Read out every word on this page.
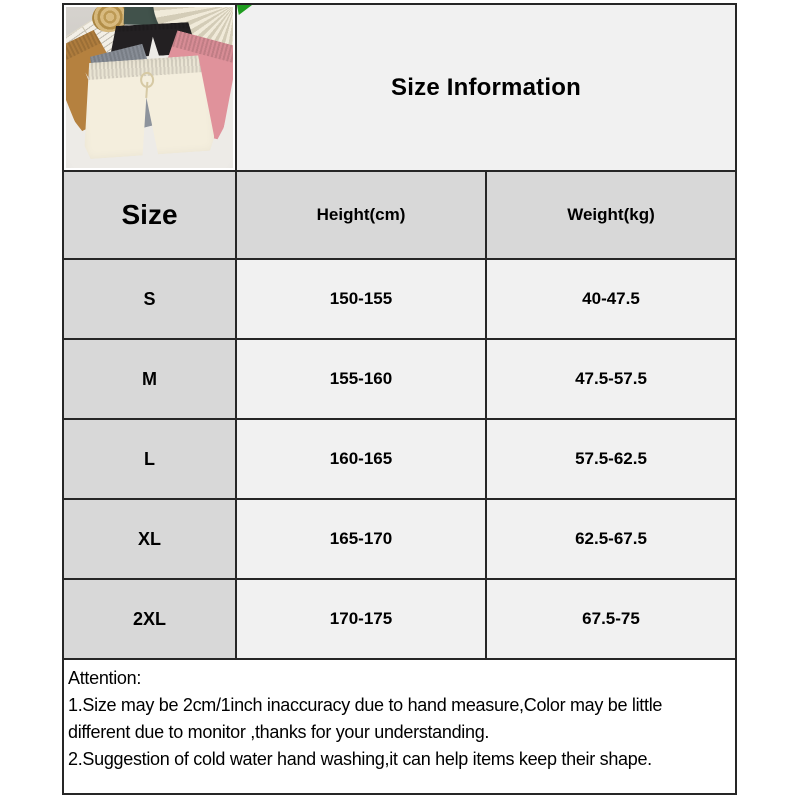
Size Information
Size	Height(cm)	Weight(kg)
S	150-155	40-47.5
M	155-160	47.5-57.5
L	160-165	57.5-62.5
XL	165-170	62.5-67.5
2XL	170-175	67.5-75
Attention:
1.Size may be 2cm/1inch inaccuracy due to hand measure,Color may be little
different due to monitor ,thanks for your understanding.
2.Suggestion of cold water hand washing,it can help items keep their shape.
